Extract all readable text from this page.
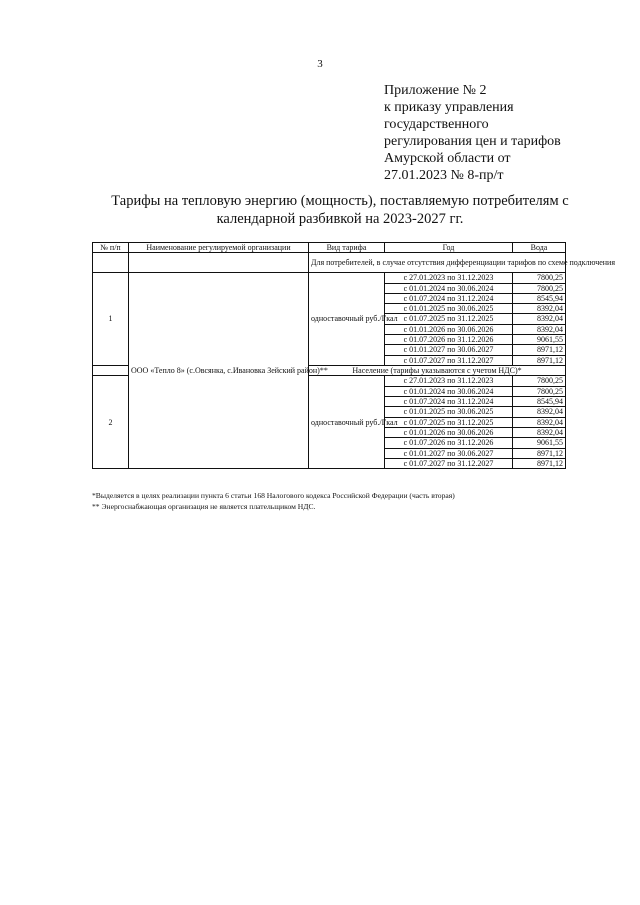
3
Приложение № 2
к приказу управления
государственного
регулирования цен и тарифов
Амурской области от
27.01.2023 № 8-пр/т
Тарифы на тепловую энергию (мощность), поставляемую потребителям с
календарной разбивкой на 2023-2027 гг.
№ п/п	Наименование регулируемой организации	Вид тарифа	Год	Вода
		Для потребителей, в случае отсутствия дифференциации тарифов по схеме подключения		
1	ООО «Тепло 8» (с.Овсянка, с.Ивановка Зейский район)**	одноставочный руб./Гкал	с 27.01.2023 по 31.12.2023	7800,25
			с 01.01.2024 по 30.06.2024	7800,25
			с 01.07.2024 по 31.12.2024	8545,94
			с 01.01.2025 по 30.06.2025	8392,04
			с 01.07.2025 по 31.12.2025	8392,04
			с 01.01.2026 по 30.06.2026	8392,04
			с 01.07.2026 по 31.12.2026	9061,55
			с 01.01.2027 по 30.06.2027	8971,12
			с 01.07.2027 по 31.12.2027	8971,12
		Население (тарифы указываются с учетом НДС)*		
2		одноставочный руб./Гкал	с 27.01.2023 по 31.12.2023	7800,25
			с 01.01.2024 по 30.06.2024	7800,25
			с 01.07.2024 по 31.12.2024	8545,94
			с 01.01.2025 по 30.06.2025	8392,04
			с 01.07.2025 по 31.12.2025	8392,04
			с 01.01.2026 по 30.06.2026	8392,04
			с 01.07.2026 по 31.12.2026	9061,55
			с 01.01.2027 по 30.06.2027	8971,12
			с 01.07.2027 по 31.12.2027	8971,12
*Выделяется в целях реализации пункта 6 статьи 168 Налогового кодекса Российской Федерации (часть вторая)
** Энергоснабжающая организация не является плательщиком НДС.
